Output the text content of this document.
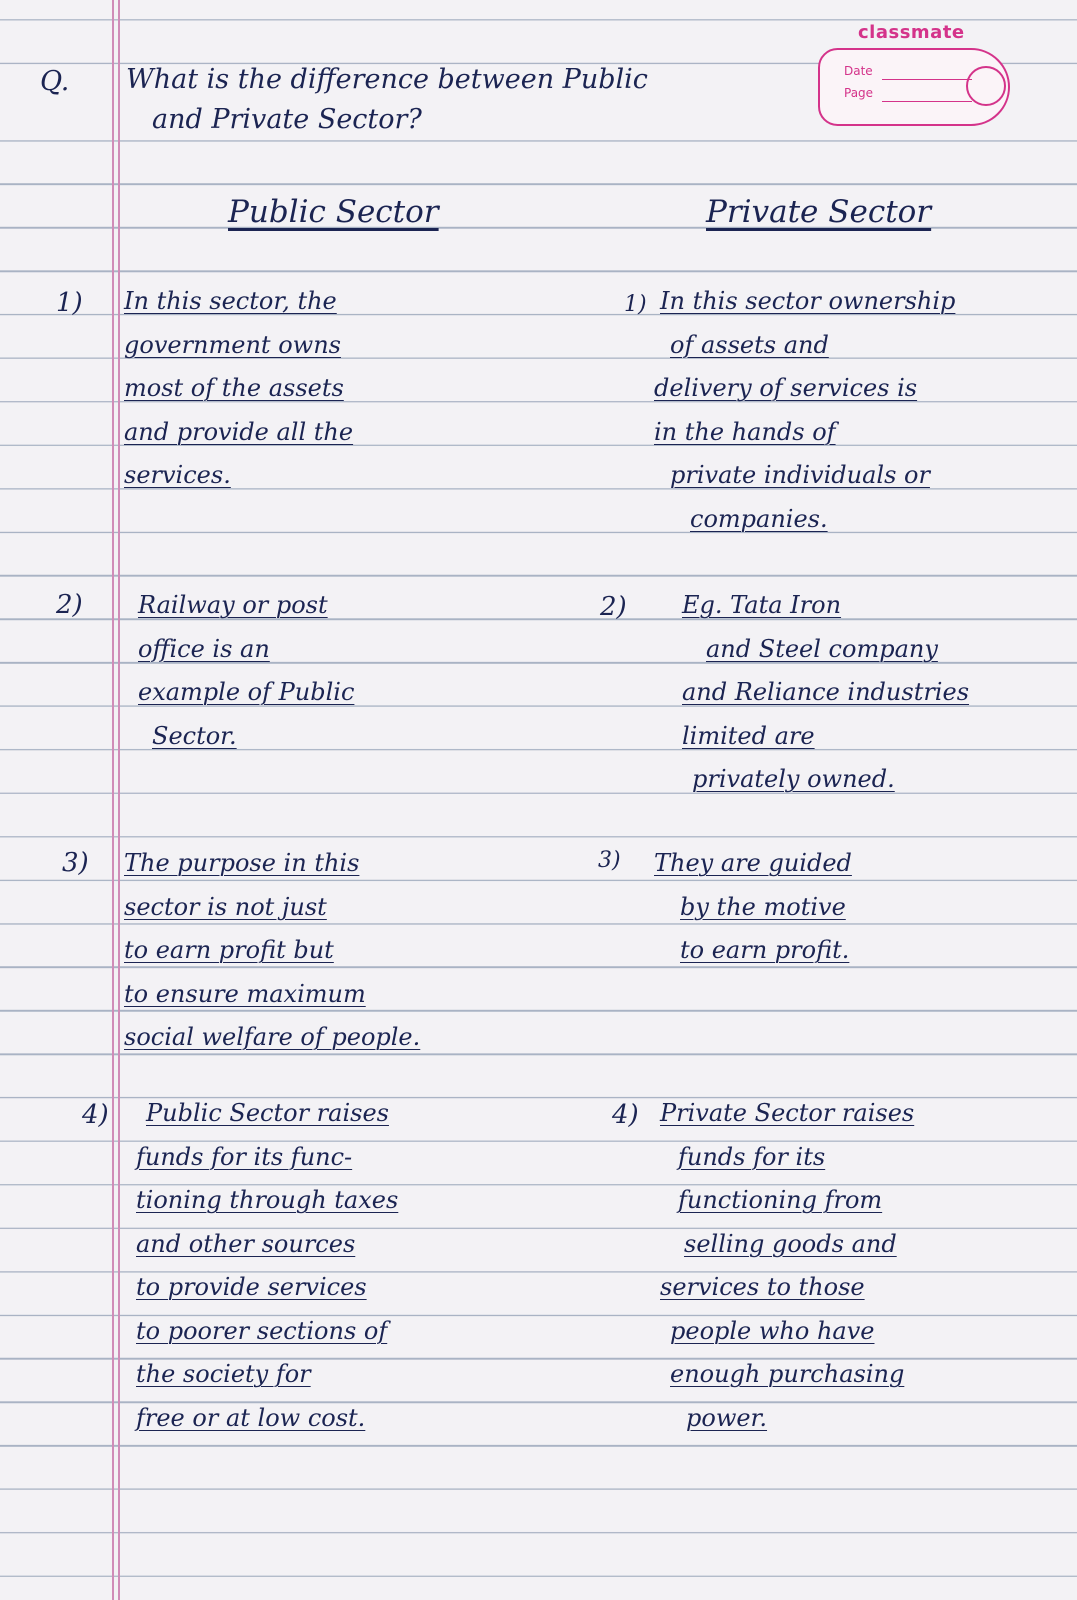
classmate
Date
Page
Q. What is the difference between Public
and Private Sector?
Public Sector	Private Sector
1) In this sector, the
government owns
most of the assets
and provide all the
services.
1) In this sector ownership
of assets and
delivery of services is
in the hands of
private individuals or
companies.
2) Railway or post
office is an
example of Public
Sector.
2) Eg. Tata Iron
and Steel company
and Reliance industries
limited are
privately owned.
3) The purpose in this
sector is not just
to earn profit but
to ensure maximum
social welfare of people.
3) They are guided
by the motive
to earn profit.
4) Public Sector raises
funds for its func-
tioning through taxes
and other sources
to provide services
to poorer sections of
the society for
free or at low cost.
4) Private Sector raises
funds for its
functioning from
selling goods and
services to those
people who have
enough purchasing
power.
